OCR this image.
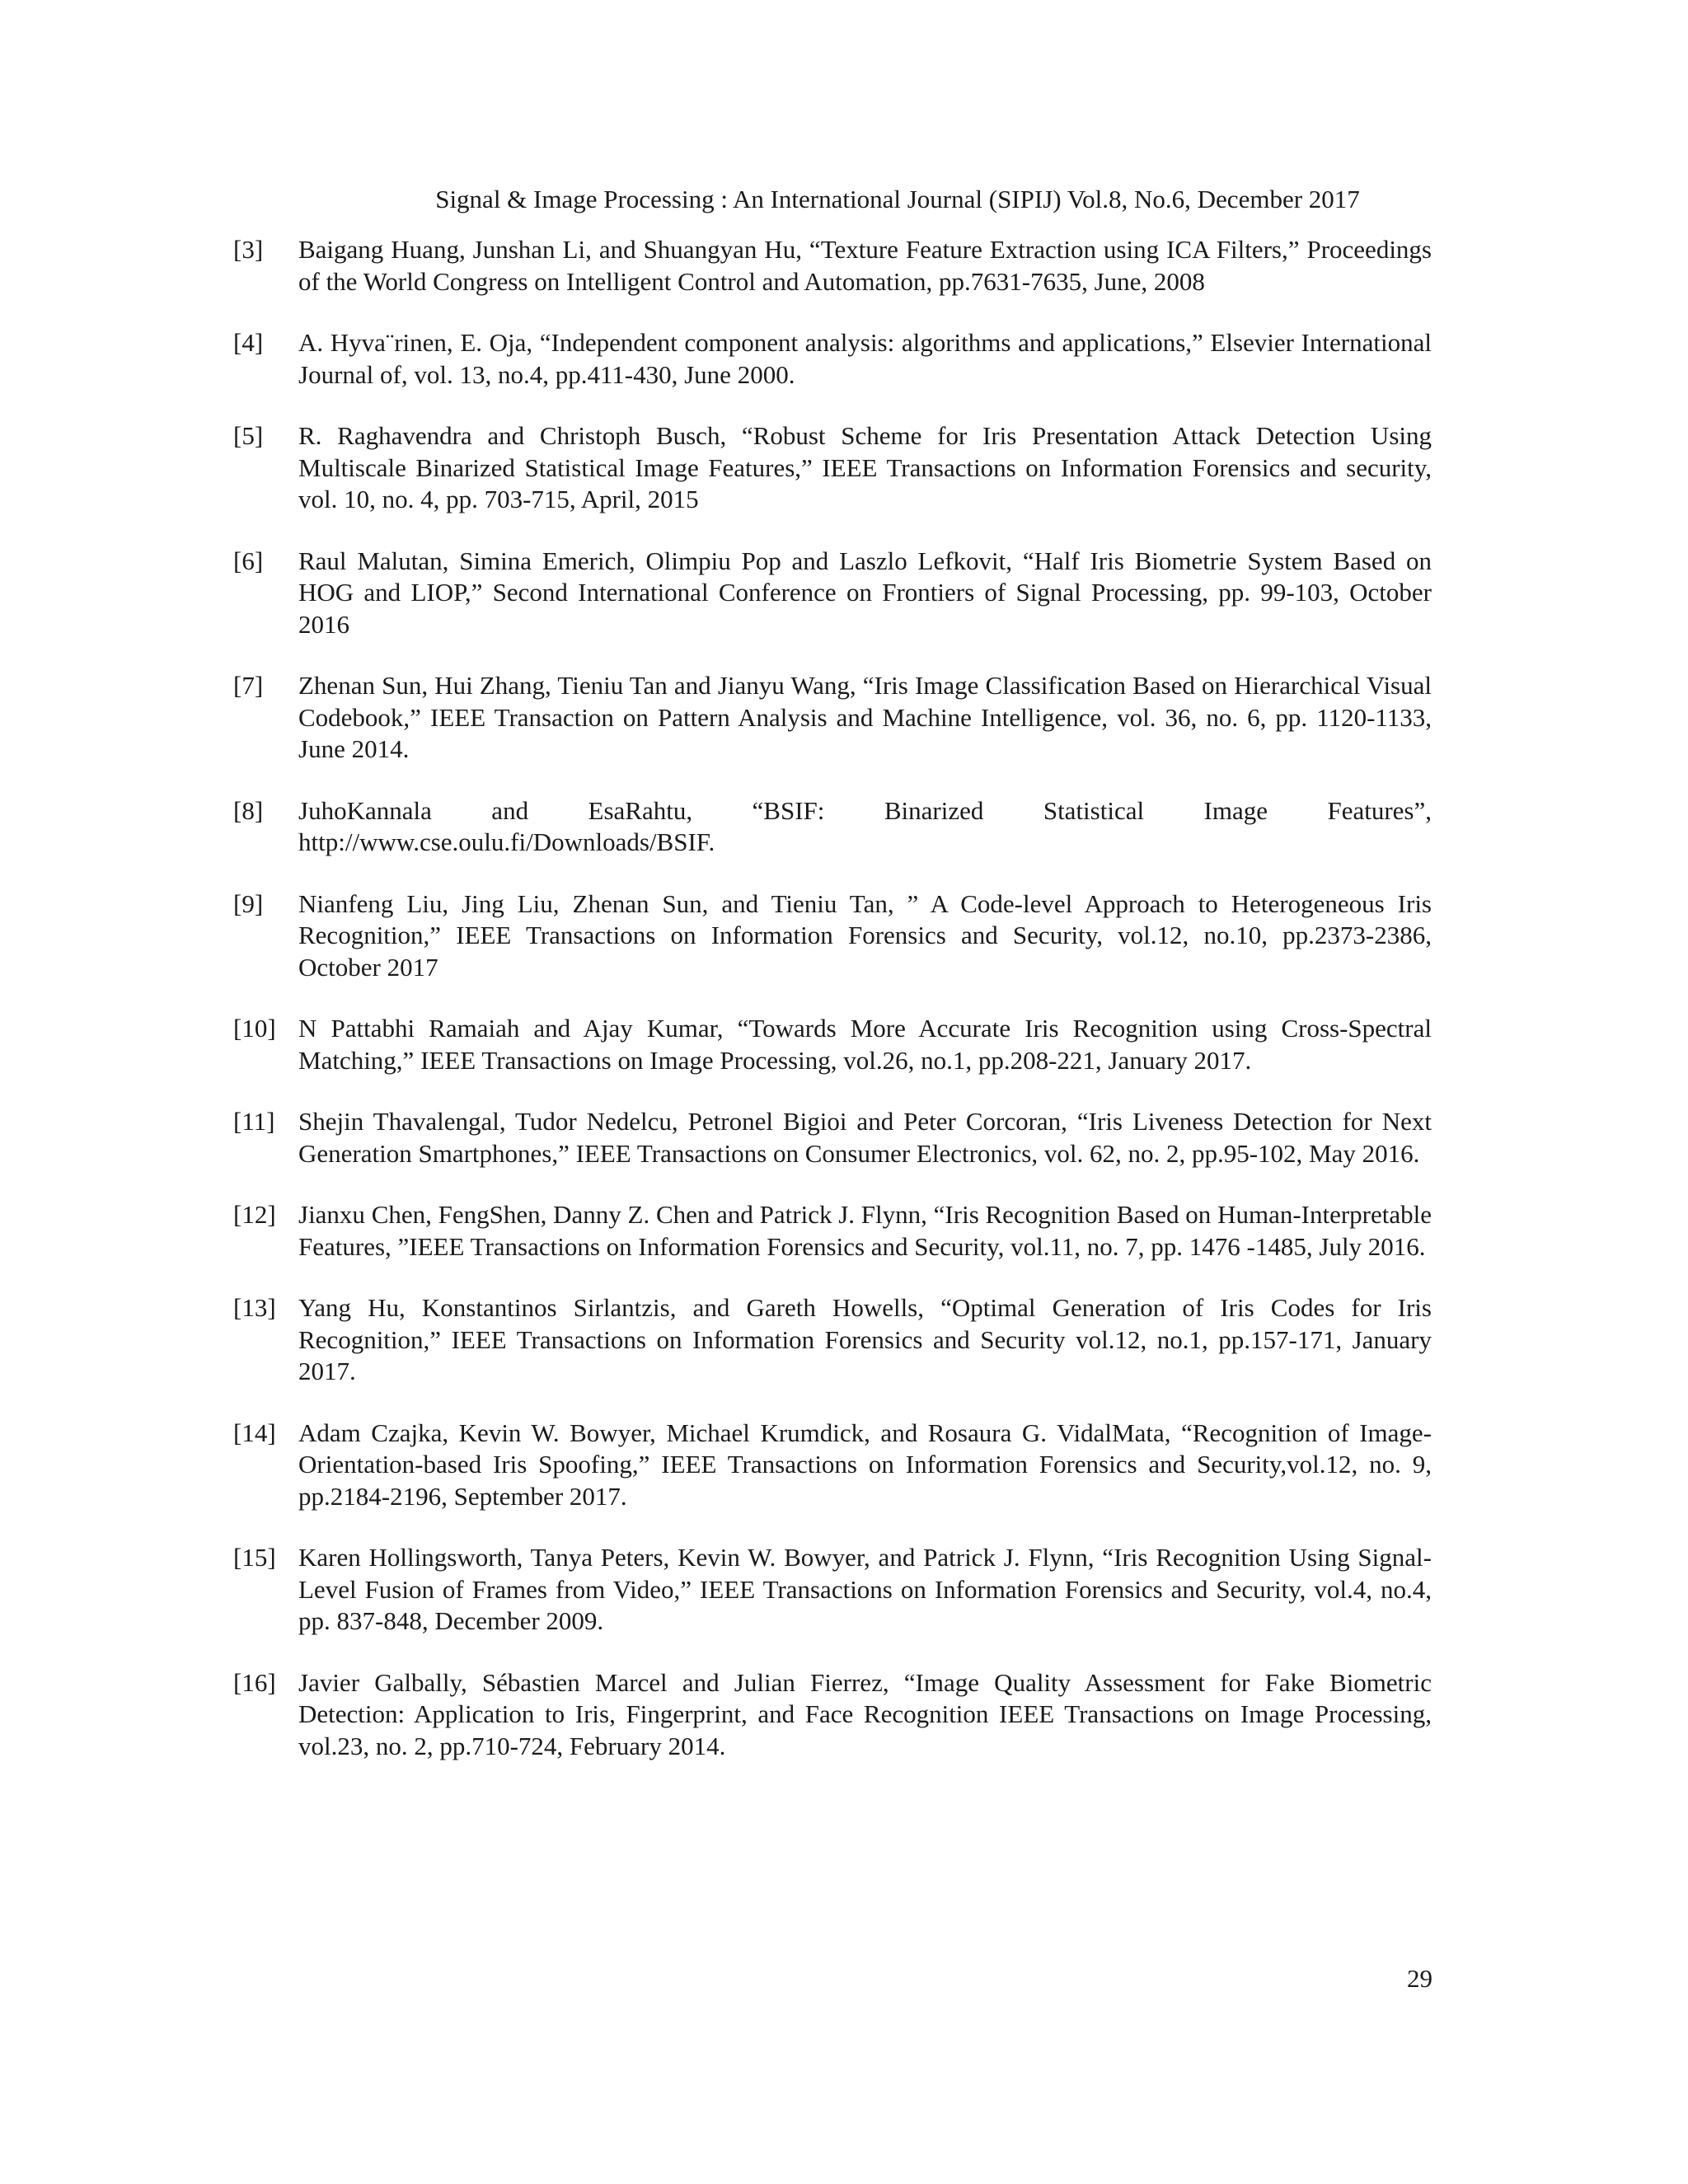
Signal & Image Processing : An International Journal (SIPIJ) Vol.8, No.6, December 2017
[3] Baigang Huang, Junshan Li, and Shuangyan Hu, “Texture Feature Extraction using ICA Filters,” Proceedings of the World Congress on Intelligent Control and Automation, pp.7631-7635, June, 2008
[4] A. Hyva¨rinen, E. Oja, “Independent component analysis: algorithms and applications,” Elsevier International Journal of, vol. 13, no.4, pp.411-430, June 2000.
[5] R. Raghavendra and Christoph Busch, “Robust Scheme for Iris Presentation Attack Detection Using Multiscale Binarized Statistical Image Features,” IEEE Transactions on Information Forensics and security, vol. 10, no. 4, pp. 703-715, April, 2015
[6] Raul Malutan, Simina Emerich, Olimpiu Pop and Laszlo Lefkovit, “Half Iris Biometrie System Based on HOG and LIOP,” Second International Conference on Frontiers of Signal Processing, pp. 99-103, October 2016
[7] Zhenan Sun, Hui Zhang, Tieniu Tan and Jianyu Wang, “Iris Image Classification Based on Hierarchical Visual Codebook,” IEEE Transaction on Pattern Analysis and Machine Intelligence, vol. 36, no. 6, pp. 1120-1133, June 2014.
[8] JuhoKannala and EsaRahtu, “BSIF: Binarized Statistical Image Features”, http://www.cse.oulu.fi/Downloads/BSIF.
[9] Nianfeng Liu, Jing Liu, Zhenan Sun, and Tieniu Tan, ” A Code-level Approach to Heterogeneous Iris Recognition,” IEEE Transactions on Information Forensics and Security, vol.12, no.10, pp.2373-2386, October 2017
[10] N Pattabhi Ramaiah and Ajay Kumar, “Towards More Accurate Iris Recognition using Cross-Spectral Matching,” IEEE Transactions on Image Processing, vol.26, no.1, pp.208-221, January 2017.
[11] Shejin Thavalengal, Tudor Nedelcu, Petronel Bigioi and Peter Corcoran, “Iris Liveness Detection for Next Generation Smartphones,” IEEE Transactions on Consumer Electronics, vol. 62, no. 2, pp.95-102, May 2016.
[12] Jianxu Chen, FengShen, Danny Z. Chen and Patrick J. Flynn, “Iris Recognition Based on Human-Interpretable Features, ”IEEE Transactions on Information Forensics and Security, vol.11, no. 7, pp. 1476 -1485, July 2016.
[13] Yang Hu, Konstantinos Sirlantzis, and Gareth Howells, “Optimal Generation of Iris Codes for Iris Recognition,” IEEE Transactions on Information Forensics and Security vol.12, no.1, pp.157-171, January 2017.
[14] Adam Czajka, Kevin W. Bowyer, Michael Krumdick, and Rosaura G. VidalMata, “Recognition of Image-Orientation-based Iris Spoofing,” IEEE Transactions on Information Forensics and Security,vol.12, no. 9, pp.2184-2196, September 2017.
[15] Karen Hollingsworth, Tanya Peters, Kevin W. Bowyer, and Patrick J. Flynn, “Iris Recognition Using Signal-Level Fusion of Frames from Video,” IEEE Transactions on Information Forensics and Security, vol.4, no.4, pp. 837-848, December 2009.
[16] Javier Galbally, Sébastien Marcel and Julian Fierrez, “Image Quality Assessment for Fake Biometric Detection: Application to Iris, Fingerprint, and Face Recognition IEEE Transactions on Image Processing, vol.23, no. 2, pp.710-724, February 2014.
29
